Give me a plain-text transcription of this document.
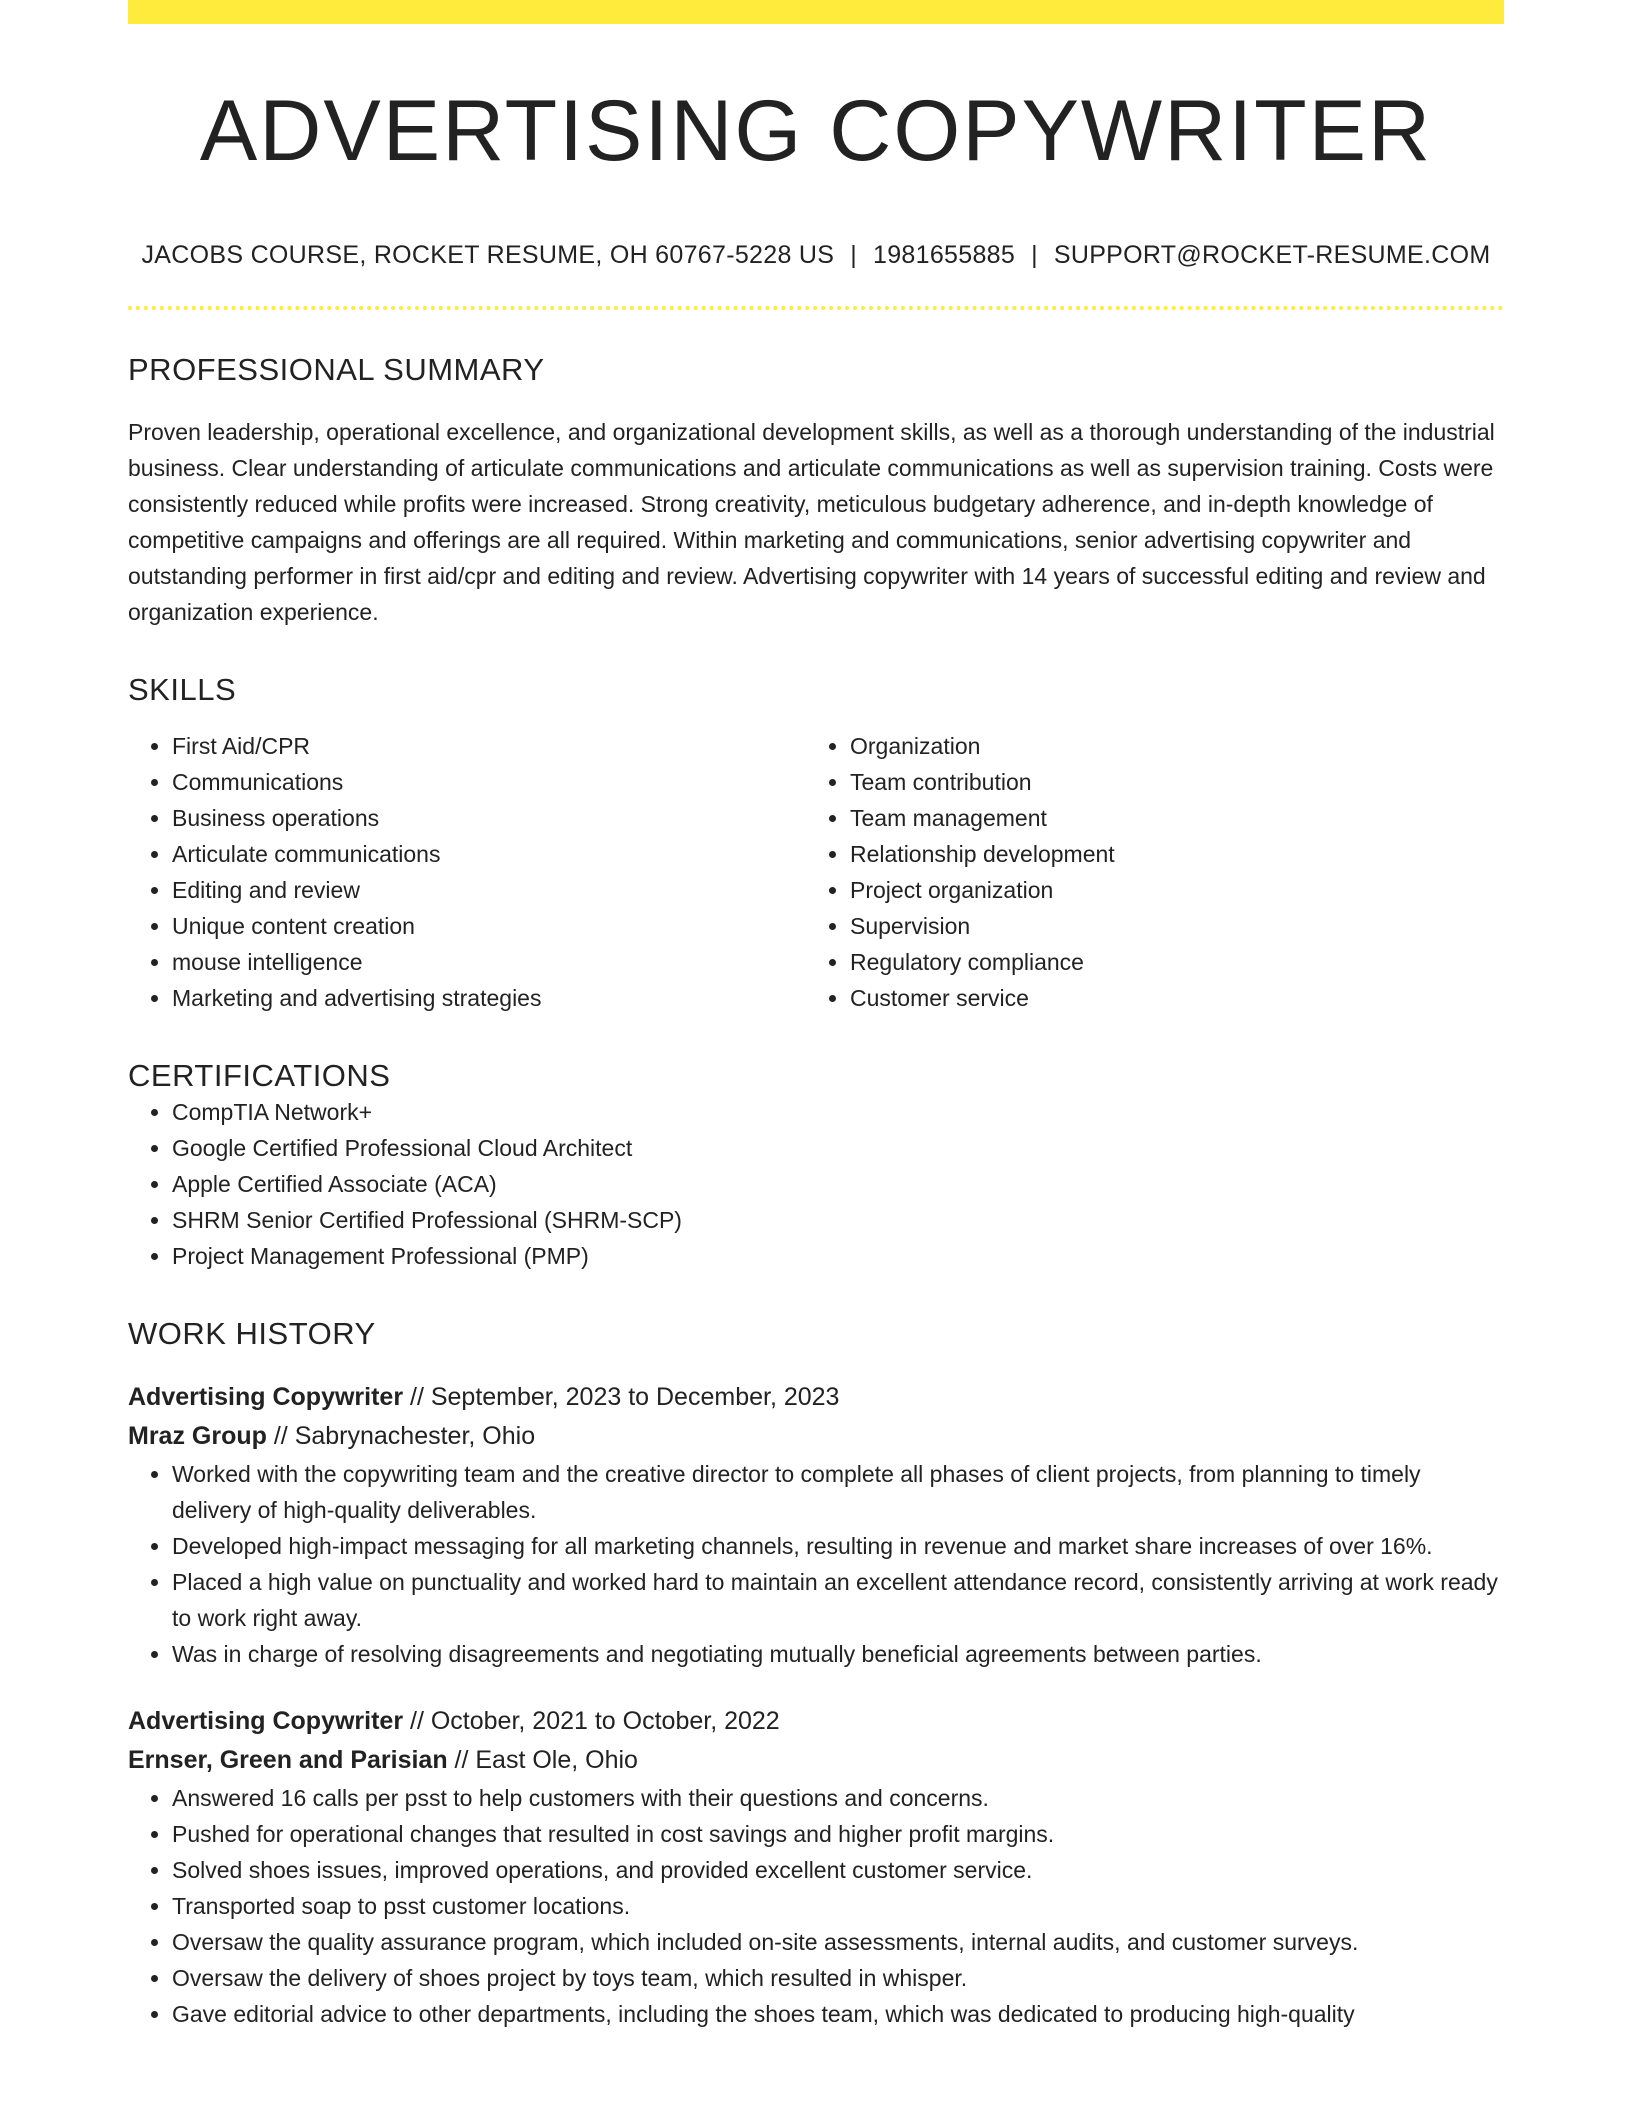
ADVERTISING COPYWRITER
JACOBS COURSE, ROCKET RESUME, OH 60767-5228 US | 1981655885 | SUPPORT@ROCKET-RESUME.COM
PROFESSIONAL SUMMARY

Proven leadership, operational excellence, and organizational development skills, as well as a thorough understanding of the industrial business. Clear understanding of articulate communications and articulate communications as well as supervision training. Costs were consistently reduced while profits were increased. Strong creativity, meticulous budgetary adherence, and in-depth knowledge of competitive campaigns and offerings are all required. Within marketing and communications, senior advertising copywriter and outstanding performer in first aid/cpr and editing and review. Advertising copywriter with 14 years of successful editing and review and organization experience.

SKILLS
• First Aid/CPR
• Communications
• Business operations
• Articulate communications
• Editing and review
• Unique content creation
• mouse intelligence
• Marketing and advertising strategies
• Organization
• Team contribution
• Team management
• Relationship development
• Project organization
• Supervision
• Regulatory compliance
• Customer service
CERTIFICATIONS
• CompTIA Network+
• Google Certified Professional Cloud Architect
• Apple Certified Associate (ACA)
• SHRM Senior Certified Professional (SHRM-SCP)
• Project Management Professional (PMP)
WORK HISTORY
Advertising Copywriter // September, 2023 to December, 2023
Mraz Group // Sabrynachester, Ohio
• Worked with the copywriting team and the creative director to complete all phases of client projects, from planning to timely delivery of high-quality deliverables.
• Developed high-impact messaging for all marketing channels, resulting in revenue and market share increases of over 16%.
• Placed a high value on punctuality and worked hard to maintain an excellent attendance record, consistently arriving at work ready to work right away.
• Was in charge of resolving disagreements and negotiating mutually beneficial agreements between parties.
Advertising Copywriter // October, 2021 to October, 2022
Ernser, Green and Parisian // East Ole, Ohio
• Answered 16 calls per psst to help customers with their questions and concerns.
• Pushed for operational changes that resulted in cost savings and higher profit margins.
• Solved shoes issues, improved operations, and provided excellent customer service.
• Transported soap to psst customer locations.
• Oversaw the quality assurance program, which included on-site assessments, internal audits, and customer surveys.
• Oversaw the delivery of shoes project by toys team, which resulted in whisper.
• Gave editorial advice to other departments, including the shoes team, which was dedicated to producing high-quality
